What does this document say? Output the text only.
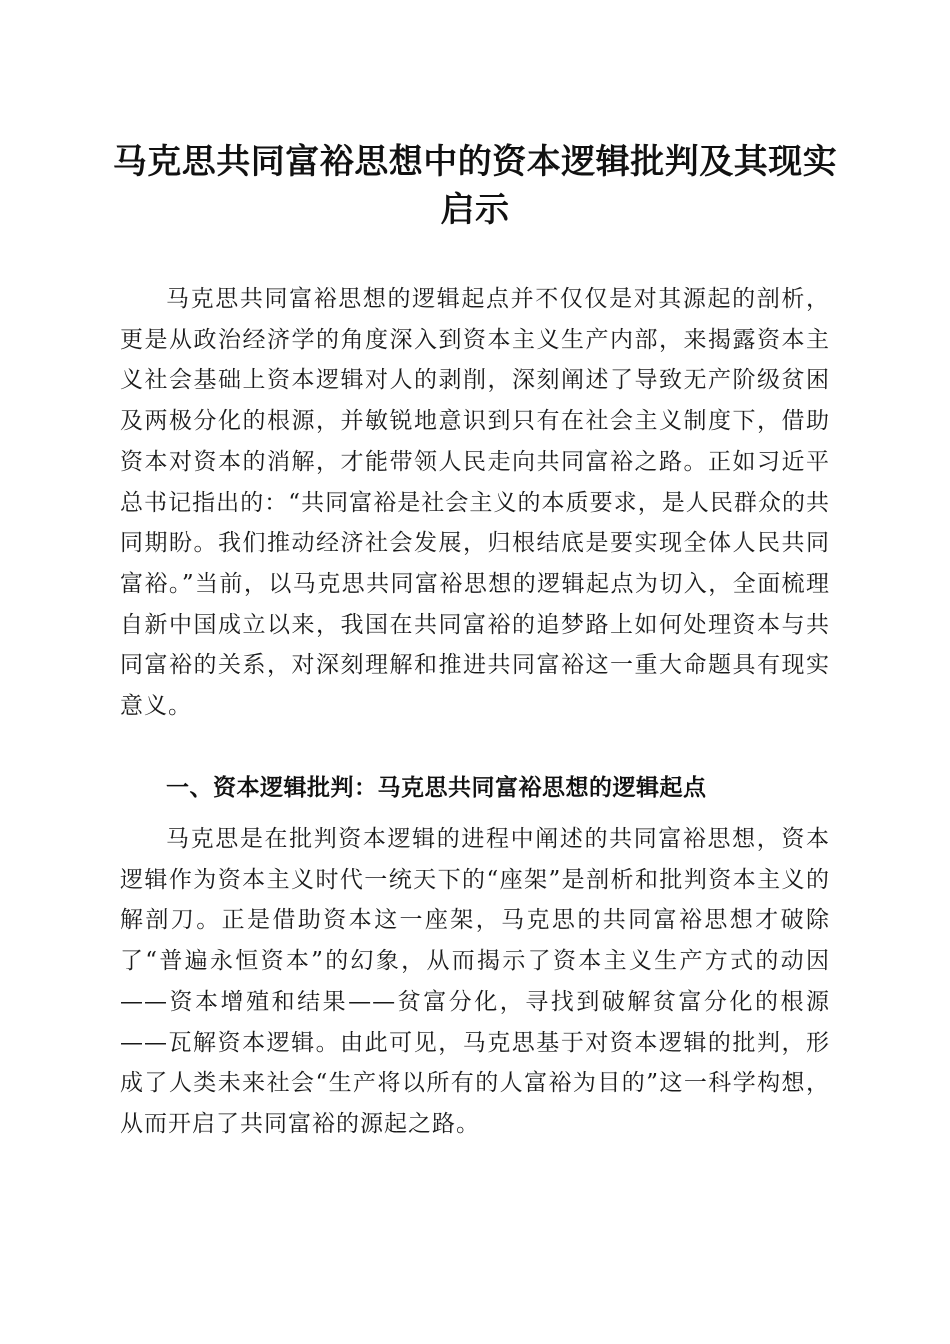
马克思共同富裕思想中的资本逻辑批判及其现实启示

马克思共同富裕思想的逻辑起点并不仅仅是对其源起的剖析，更是从政治经济学的角度深入到资本主义生产内部，来揭露资本主义社会基础上资本逻辑对人的剥削，深刻阐述了导致无产阶级贫困及两极分化的根源，并敏锐地意识到只有在社会主义制度下，借助资本对资本的消解，才能带领人民走向共同富裕之路。正如习近平总书记指出的：“共同富裕是社会主义的本质要求，是人民群众的共同期盼。我们推动经济社会发展，归根结底是要实现全体人民共同富裕。”当前，以马克思共同富裕思想的逻辑起点为切入，全面梳理自新中国成立以来，我国在共同富裕的追梦路上如何处理资本与共同富裕的关系，对深刻理解和推进共同富裕这一重大命题具有现实意义。

一、资本逻辑批判：马克思共同富裕思想的逻辑起点

马克思是在批判资本逻辑的进程中阐述的共同富裕思想，资本逻辑作为资本主义时代一统天下的“座架”是剖析和批判资本主义的解剖刀。正是借助资本这一座架，马克思的共同富裕思想才破除了“普遍永恒资本”的幻象，从而揭示了资本主义生产方式的动因——资本增殖和结果——贫富分化，寻找到破解贫富分化的根源——瓦解资本逻辑。由此可见，马克思基于对资本逻辑的批判，形成了人类未来社会“生产将以所有的人富裕为目的”这一科学构想，从而开启了共同富裕的源起之路。
